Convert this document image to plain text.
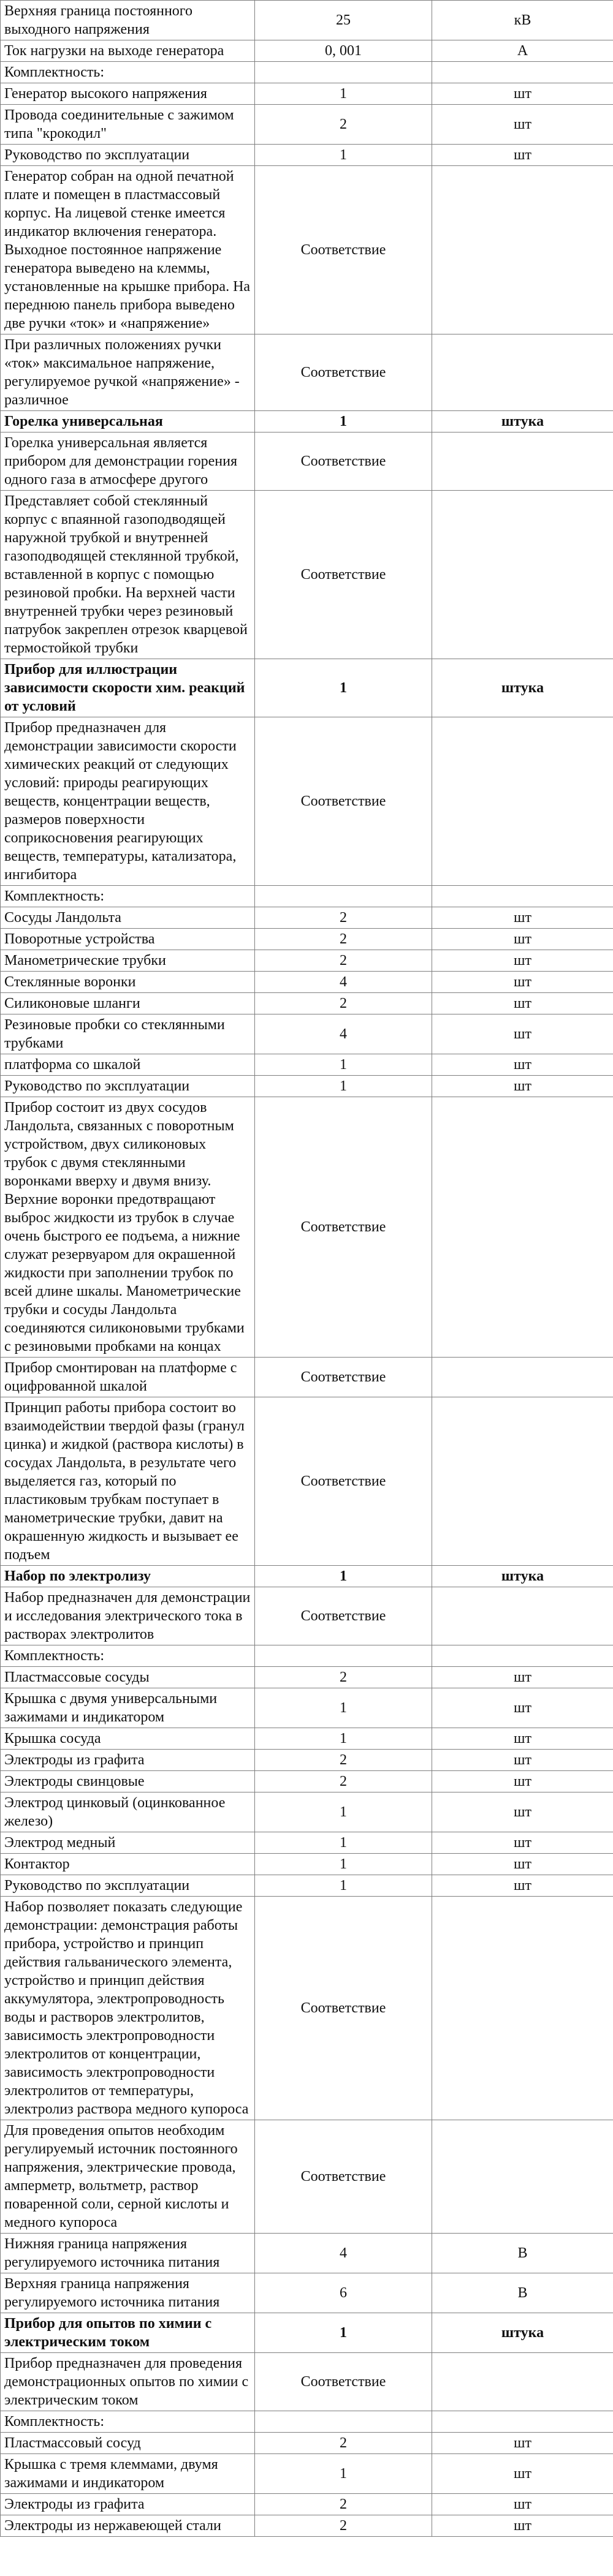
Верхняя граница постоянного выходного напряжения	25	кВ
Ток нагрузки на выходе генератора	0, 001	А
Комплектность:		
Генератор высокого напряжения	1	шт
Провода соединительные с зажимом типа "крокодил"	2	шт
Руководство по эксплуатации	1	шт
Генератор собран на одной печатной плате и помещен в пластмассовый корпус. На лицевой стенке имеется индикатор включения генератора. Выходное постоянное напряжение генератора выведено на клеммы, установленные на крышке прибора. На переднюю панель прибора выведено две ручки «ток» и «напряжение»	Соответствие	
При различных положениях ручки «ток» максимальное напряжение, регулируемое ручкой «напряжение» - различное	Соответствие	
Горелка универсальная	1	штука
Горелка универсальная является прибором для демонстрации горения одного газа в атмосфере другого	Соответствие	
Представляет собой стеклянный корпус с впаянной газоподводящей наружной трубкой и внутренней газоподводящей стеклянной трубкой, вставленной в корпус с помощью резиновой пробки. На верхней части внутренней трубки через резиновый патрубок закреплен отрезок кварцевой термостойкой трубки	Соответствие	
Прибор для иллюстрации зависимости скорости хим. реакций от условий	1	штука
Прибор предназначен для демонстрации зависимости скорости химических реакций от следующих условий: природы реагирующих веществ, концентрации веществ, размеров поверхности соприкосновения реагирующих веществ, температуры, катализатора, ингибитора	Соответствие	
Комплектность:		
Сосуды Ландольта	2	шт
Поворотные устройства	2	шт
Манометрические трубки	2	шт
Стеклянные воронки	4	шт
Силиконовые шланги	2	шт
Резиновые пробки со стеклянными трубками	4	шт
платформа со шкалой	1	шт
Руководство по эксплуатации	1	шт
Прибор состоит из двух сосудов Ландольта, связанных с поворотным устройством, двух силиконовых трубок с двумя стеклянными воронками вверху и двумя внизу. Верхние воронки предотвращают выброс жидкости из трубок в случае очень быстрого ее подъема, а нижние служат резервуаром для окрашенной жидкости при заполнении трубок по всей длине шкалы. Манометрические трубки и сосуды Ландольта соединяются силиконовыми трубками с резиновыми пробками на концах	Соответствие	
Прибор смонтирован на платформе с оцифрованной шкалой	Соответствие	
Принцип работы прибора состоит во взаимодействии твердой фазы (гранул цинка) и жидкой (раствора кислоты) в сосудах Ландольта, в результате чего выделяется газ, который по пластиковым трубкам поступает в манометрические трубки, давит на окрашенную жидкость и вызывает ее подъем	Соответствие	
Набор по электролизу	1	штука
Набор предназначен для демонстрации и исследования электрического тока в растворах электролитов	Соответствие	
Комплектность:		
Пластмассовые сосуды	2	шт
Крышка с двумя универсальными зажимами и индикатором	1	шт
Крышка сосуда	1	шт
Электроды из графита	2	шт
Электроды свинцовые	2	шт
Электрод цинковый (оцинкованное железо)	1	шт
Электрод медный	1	шт
Контактор	1	шт
Руководство по эксплуатации	1	шт
Набор позволяет показать следующие демонстрации: демонстрация работы прибора, устройство и принцип действия гальванического элемента, устройство и принцип действия аккумулятора, электропроводность воды и растворов электролитов, зависимость электропроводности электролитов от концентрации, зависимость электропроводности электролитов от температуры, электролиз раствора медного купороса	Соответствие	
Для проведения опытов необходим регулируемый источник постоянного напряжения, электрические провода, амперметр, вольтметр, раствор поваренной соли, серной кислоты и медного купороса	Соответствие	
Нижняя граница напряжения регулируемого источника питания	4	В
Верхняя граница напряжения регулируемого источника питания	6	В
Прибор для опытов по химии с электрическим током	1	штука
Прибор предназначен для проведения демонстрационных опытов по химии с электрическим током	Соответствие	
Комплектность:		
Пластмассовый сосуд	2	шт
Крышка с тремя клеммами, двумя зажимами и индикатором	1	шт
Электроды из графита	2	шт
Электроды из нержавеющей стали	2	шт
